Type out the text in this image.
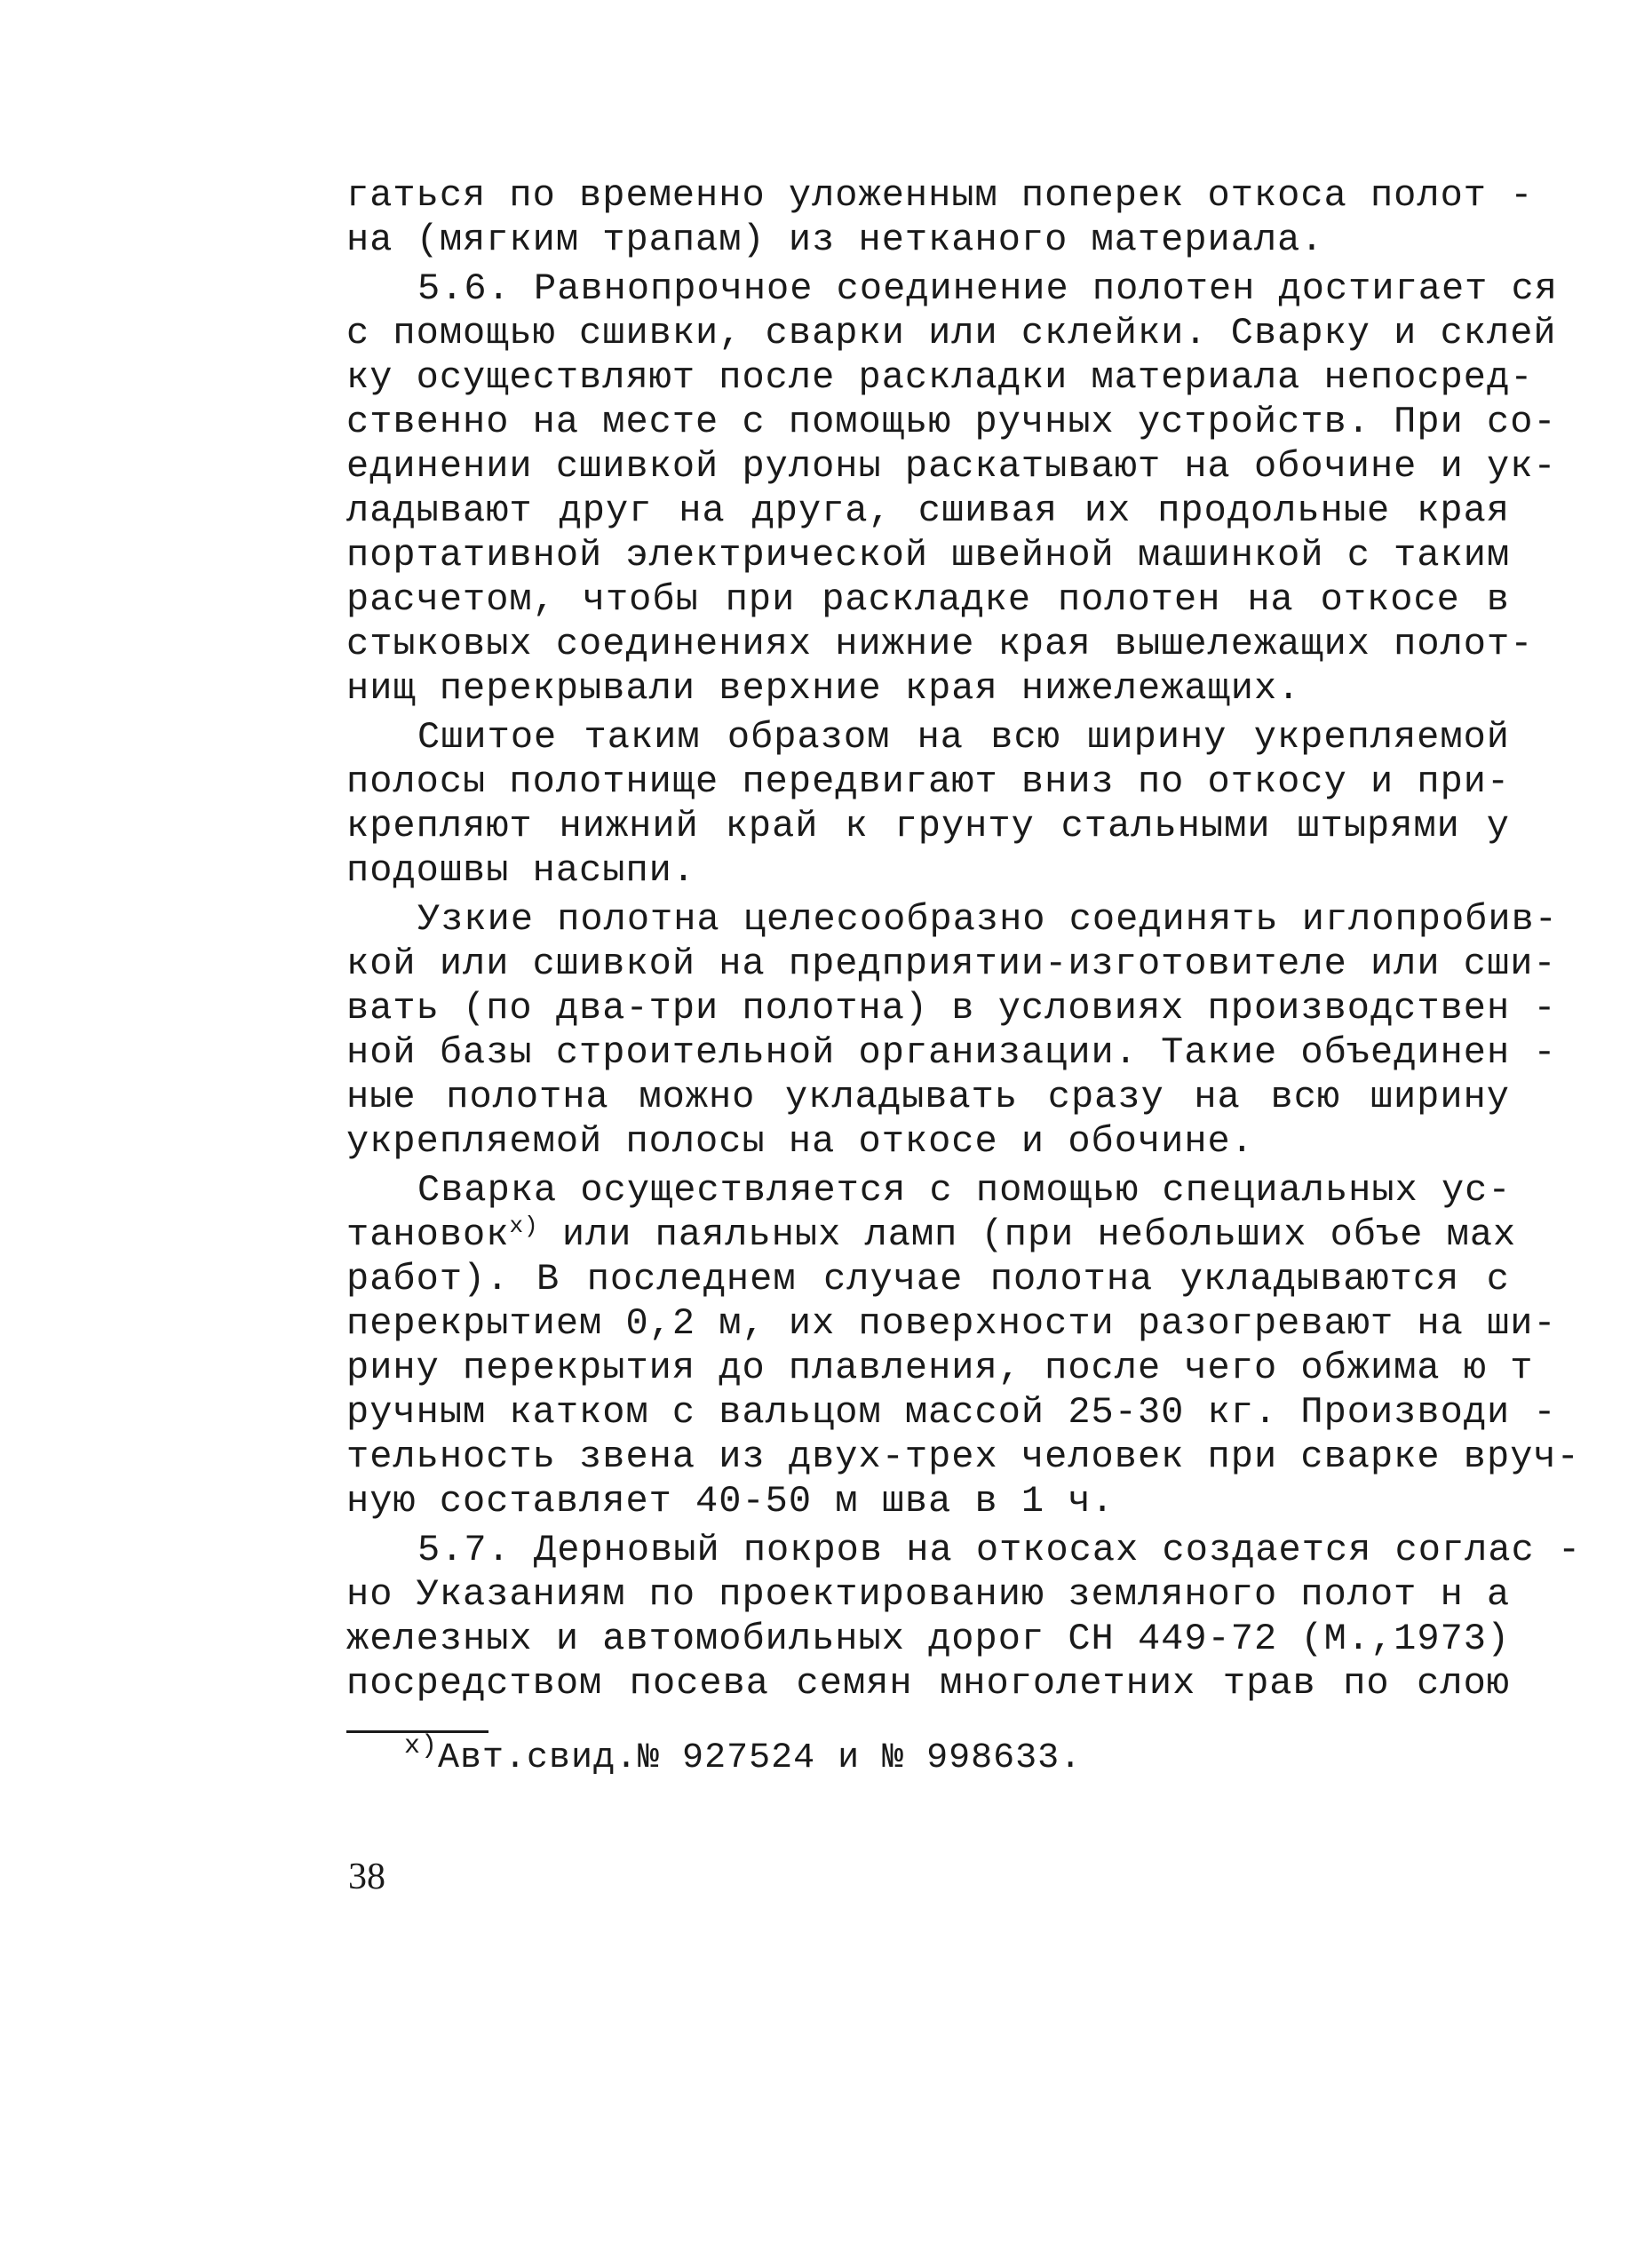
гаться по временно уложенным поперек откоса полот -
на (мягким трапам) из нетканого материала.
5.6. Равнопрочное соединение полотен достигает ся
с помощью сшивки, сварки или склейки. Сварку и склей
ку осуществляют после раскладки материала непосред-
ственно на месте с помощью ручных устройств. При со-
единении сшивкой рулоны раскатывают на обочине и ук-
ладывают друг на друга, сшивая их продольные края
портативной электрической швейной машинкой с таким
расчетом, чтобы при раскладке полотен на откосе в
стыковых соединениях нижние края вышележащих полот-
нищ перекрывали верхние края нижележащих.
Сшитое таким образом на всю ширину укрепляемой
полосы полотнище передвигают вниз по откосу и при-
крепляют нижний край к грунту стальными штырями у
подошвы насыпи.
Узкие полотна целесообразно соединять иглопробив-
кой или сшивкой на предприятии-изготовителе или сши-
вать (по два-три полотна) в условиях производствен -
ной базы строительной организации. Такие объединен -
ные полотна можно укладывать сразу на всю ширину
укрепляемой полосы на откосе и обочине.
Сварка осуществляется с помощью специальных ус-
тановок$^{x)}$ или паяльных ламп (при небольших объе мах
работ). В последнем случае полотна укладываются с
перекрытием 0,2 м, их поверхности разогревают на ши-
рину перекрытия до плавления, после чего обжима ю т
ручным катком с вальцом массой 25-30 кг. Производи -
тельность звена из двух-трех человек при сварке вруч-
ную составляет 40-50 м шва в 1 ч.
5.7. Дерновый покров на откосах создается соглас -
но Указаниям по проектированию земляного полот н а
железных и автомобильных дорог СН 449-72 (М.,1973)
посредством посева семян многолетних трав по слою
$^{x)}$Авт.свид.№ 927524 и № 998633.
38
